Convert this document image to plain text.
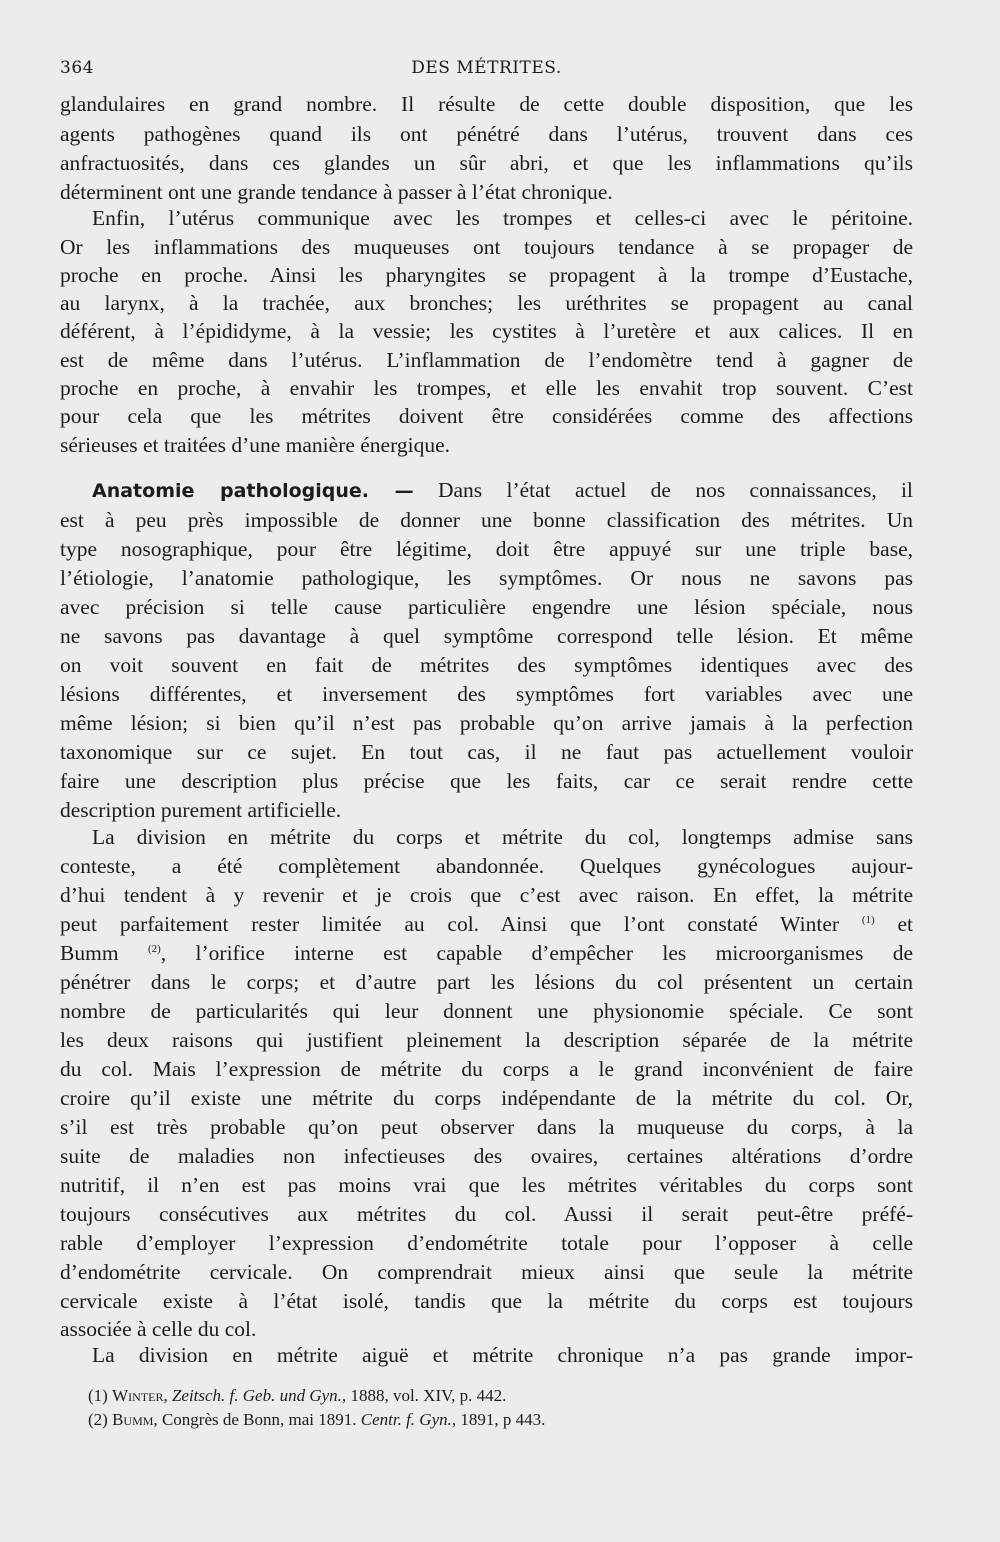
364	DES MÉTRITES.
glandulaires en grand nombre. Il résulte de cette double disposition, que les
agents pathogènes quand ils ont pénétré dans l’utérus, trouvent dans ces
anfractuosités, dans ces glandes un sûr abri, et que les inflammations qu’ils
déterminent ont une grande tendance à passer à l’état chronique.
Enfin, l’utérus communique avec les trompes et celles-ci avec le péritoine.
Or les inflammations des muqueuses ont toujours tendance à se propager de
proche en proche. Ainsi les pharyngites se propagent à la trompe d’Eustache,
au larynx, à la trachée, aux bronches; les uréthrites se propagent au canal
déférent, à l’épididyme, à la vessie; les cystites à l’uretère et aux calices. Il en
est de même dans l’utérus. L’inflammation de l’endomètre tend à gagner de
proche en proche, à envahir les trompes, et elle les envahit trop souvent. C’est
pour cela que les métrites doivent être considérées comme des affections
sérieuses et traitées d’une manière énergique.
Anatomie pathologique. — Dans l’état actuel de nos connaissances, il
est à peu près impossible de donner une bonne classification des métrites. Un
type nosographique, pour être légitime, doit être appuyé sur une triple base,
l’étiologie, l’anatomie pathologique, les symptômes. Or nous ne savons pas
avec précision si telle cause particulière engendre une lésion spéciale, nous
ne savons pas davantage à quel symptôme correspond telle lésion. Et même
on voit souvent en fait de métrites des symptômes identiques avec des
lésions différentes, et inversement des symptômes fort variables avec une
même lésion; si bien qu’il n’est pas probable qu’on arrive jamais à la perfection
taxonomique sur ce sujet. En tout cas, il ne faut pas actuellement vouloir
faire une description plus précise que les faits, car ce serait rendre cette
description purement artificielle.
La division en métrite du corps et métrite du col, longtemps admise sans
conteste, a été complètement abandonnée. Quelques gynécologues aujour-
d’hui tendent à y revenir et je crois que c’est avec raison. En effet, la métrite
peut parfaitement rester limitée au col. Ainsi que l’ont constaté Winter $^{(1)}$ et
Bumm	$^{(2)}$, l’orifice interne est capable d’empêcher les microorganismes de
pénétrer dans le corps; et d’autre part les lésions du col présentent un certain
nombre de particularités qui leur donnent une physionomie spéciale. Ce sont
les deux raisons qui justifient pleinement la description séparée de la métrite
du col. Mais l’expression de métrite du corps a le grand inconvénient de faire
croire qu’il existe une métrite du corps indépendante de la métrite du col. Or,
s’il est très probable qu’on peut observer dans la muqueuse du corps, à la
suite de maladies non infectieuses des ovaires, certaines altérations d’ordre
nutritif, il n’en est pas moins vrai que les métrites véritables du corps sont
toujours consécutives aux métrites du col. Aussi il serait peut-être préfé-
rable d’employer l’expression d’endométrite totale pour l’opposer à celle
d’endométrite cervicale. On comprendrait mieux ainsi que seule la métrite
cervicale existe à l’état isolé, tandis que la métrite du corps est toujours
associée à celle du col.
La division en métrite aiguë et métrite chronique n’a pas grande impor-
(1) Winter, Zeitsch. f. Geb. und Gyn., 1888, vol. XIV, p. 442.
(2) Bumm, Congrès de Bonn, mai 1891. Centr. f. Gyn., 1891, p 443.
